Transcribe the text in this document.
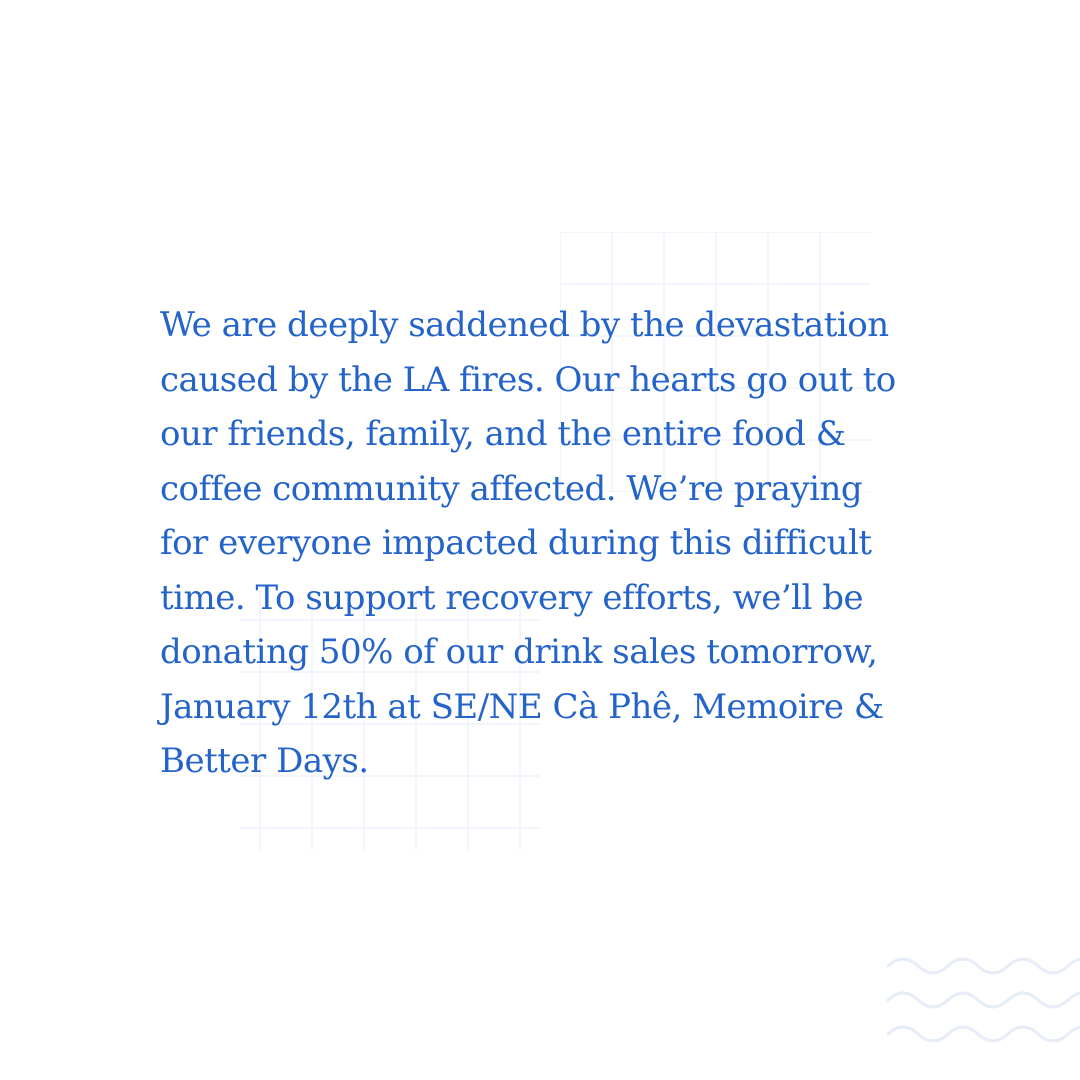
We are deeply saddened by the devastation
caused by the LA fires. Our hearts go out to
our friends, family, and the entire food &
coffee community affected. We’re praying
for everyone impacted during this difficult
time. To support recovery efforts, we’ll be
donating 50% of our drink sales tomorrow,
January 12th at SE/NE Cà Phê, Memoire &
Better Days.
